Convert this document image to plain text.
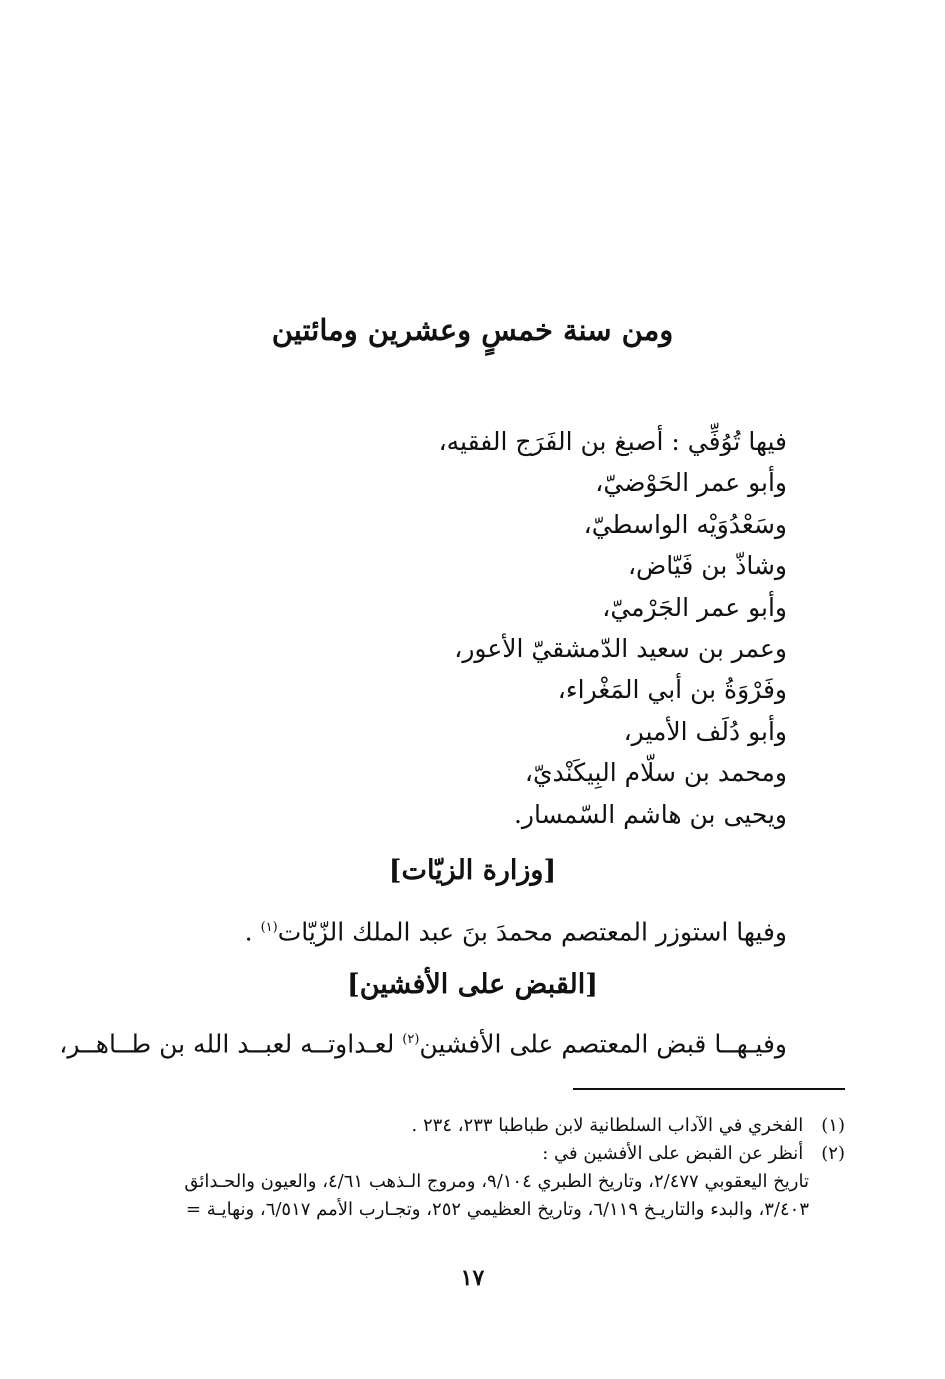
ومن سنة خمسٍ وعشرين ومائتين
فيها تُوُفِّي : أصبغ بن الفَرَج الفقيه،
وأبو عمر الحَوْضيّ،
وسَعْدُوَيْه الواسطيّ،
وشاذّ بن فَيّاض،
وأبو عمر الجَرْميّ،
وعمر بن سعيد الدّمشقيّ الأعور،
وفَرْوَةُ بن أبي المَغْراء،
وأبو دُلَف الأمير،
ومحمد بن سلّام البِيكَنْديّ،
ويحيى بن هاشم السّمسار.
[وزارة الزيّات]
وفيها استوزر المعتصم محمدَ بنَ عبد الملك الزّيّات$^{(١)}$ .
[القبض على الأفشين]
وفيـهــا قبض المعتصم على الأفشين$^{(٢)}$ لعـداوتــه لعبــد الله بن طــاهــر،
(١) الفخري في الآداب السلطانية لابن طباطبا ٢٣٣، ٢٣٤ .
(٢) أنظر عن القبض على الأفشين في :
تاريخ اليعقوبي ٢/٤٧٧، وتاريخ الطبري ٩/١٠٤، ومروج الـذهب ٤/٦١، والعيون والحـدائق
٣/٤٠٣، والبدء والتاريـخ ٦/١١٩، وتاريخ العظيمي ٢٥٢، وتجـارب الأمم ٦/٥١٧، ونهايـة =
١٧
